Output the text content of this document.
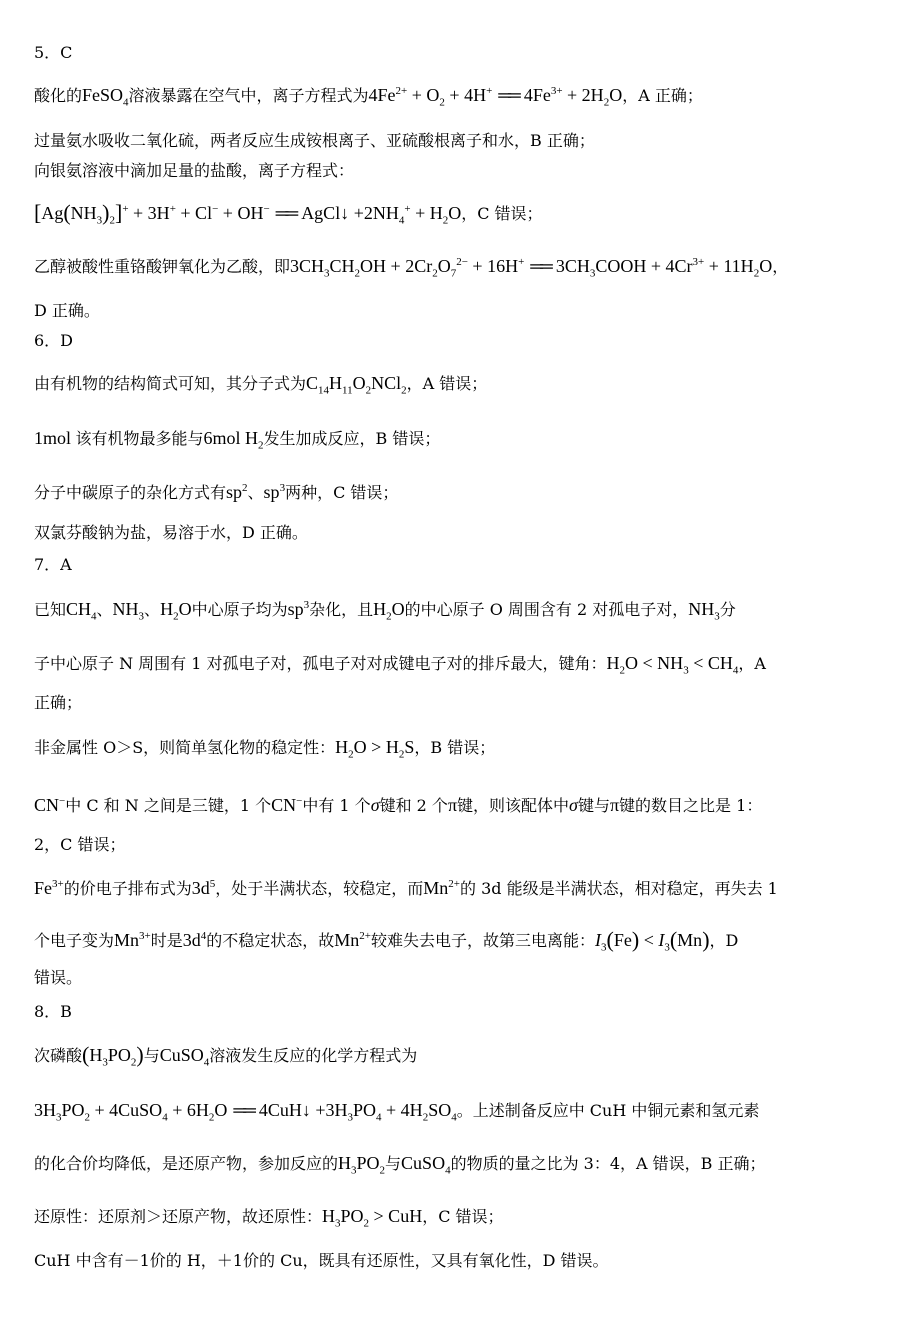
5．C
酸化的FeSO$_4$溶液暴露在空气中，离子方程式为$4Fe^{2+} + O_2 + 4H^+$ ══ $4Fe^{3+} + 2H_2O$，A 正确；
过量氨水吸收二氧化硫，两者反应生成铵根离子、亚硫酸根离子和水，B 正确；
向银氨溶液中滴加足量的盐酸，离子方程式：
$[Ag(NH_3)_2]^+ + 3H^+ + Cl^- + OH^-$ ══ AgCl↓ $+2NH_4^+ + H_2O$，C 错误；
乙醇被酸性重铬酸钾氧化为乙酸，即$3CH_3CH_2OH + 2Cr_2O_7^{2-} + 16H^+$ ══ $3CH_3COOH + 4Cr^{3+} + 11H_2O$，
D 正确。
6．D
由有机物的结构简式可知，其分子式为$C_{14}H_{11}O_2NCl_2$，A 错误；
1mol 该有机物最多能与6mol $H_2$发生加成反应，B 错误；
分子中碳原子的杂化方式有$sp^2$、$sp^3$两种，C 错误；
双氯芬酸钠为盐，易溶于水，D 正确。
7．A
已知$CH_4$、$NH_3$、$H_2O$中心原子均为$sp^3$杂化，且$H_2O$的中心原子 O 周围含有 2 对孤电子对，$NH_3$分
子中心原子 N 周围有 1 对孤电子对，孤电子对对成键电子对的排斥最大，键角：$H_2O < NH_3 < CH_4$，A
正确；
非金属性 O＞S，则简单氢化物的稳定性：$H_2O > H_2S$，B 错误；
CN−中 C 和 N 之间是三键，1 个CN−中有 1 个σ键和 2 个π键，则该配体中σ键与π键的数目之比是 1：
2，C 错误；
$Fe^{3+}$的价电子排布式为$3d^5$，处于半满状态，较稳定，而$Mn^{2+}$的 3d 能级是半满状态，相对稳定，再失去 1
个电子变为$Mn^{3+}$时是$3d^4$的不稳定状态，故$Mn^{2+}$较难失去电子，故第三电离能：$I_3(Fe) < I_3(Mn)$，D
错误。
8．B
次磷酸$(H_3PO_2)$与CuSO$_4$溶液发生反应的化学方程式为
$3H_3PO_2$ + 4CuSO$_4$ + $6H_2O$ ══ 4CuH↓ $+3H_3PO_4 + 4H_2SO_4$。上述制备反应中 CuH 中铜元素和氢元素
的化合价均降低，是还原产物，参加反应的$H_3PO_2$与CuSO$_4$的物质的量之比为 3：4，A 错误，B 正确；
还原性：还原剂＞还原产物，故还原性：$H_3PO_2$ > CuH，C 错误；
CuH 中含有－1价的 H，＋1价的 Cu，既具有还原性，又具有氧化性，D 错误。
